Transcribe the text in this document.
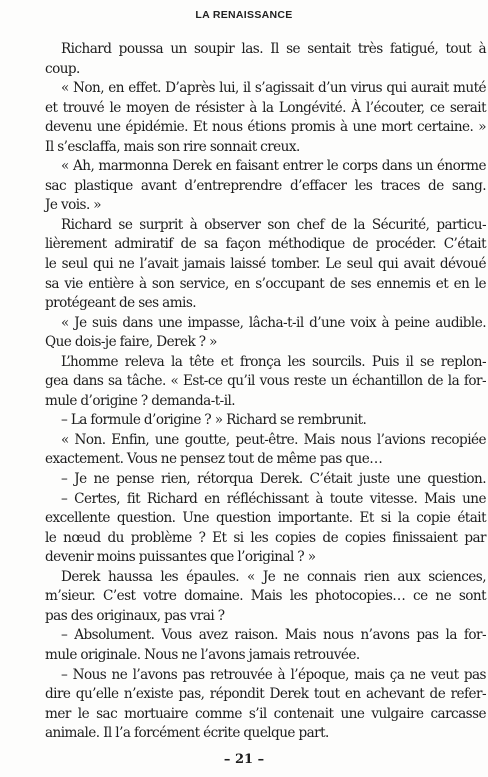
LA RENAISSANCE
Richard poussa un soupir las. Il se sentait très fatigué, tout à
coup.
« Non, en effet. D’après lui, il s’agissait d’un virus qui aurait muté
et trouvé le moyen de résister à la Longévité. À l’écouter, ce serait
devenu une épidémie. Et nous étions promis à une mort certaine. »
Il s’esclaffa, mais son rire sonnait creux.
« Ah, marmonna Derek en faisant entrer le corps dans un énorme
sac plastique avant d’entreprendre d’effacer les traces de sang.
Je vois. »
Richard se surprit à observer son chef de la Sécurité, particu-
lièrement admiratif de sa façon méthodique de procéder. C’était
le seul qui ne l’avait jamais laissé tomber. Le seul qui avait dévoué
sa vie entière à son service, en s’occupant de ses ennemis et en le
protégeant de ses amis.
« Je suis dans une impasse, lâcha-t-il d’une voix à peine audible.
Que dois-je faire, Derek ? »
L’homme releva la tête et fronça les sourcils. Puis il se replon-
gea dans sa tâche. « Est-ce qu’il vous reste un échantillon de la for-
mule d’origine ? demanda-t-il.
– La formule d’origine ? » Richard se rembrunit.
« Non. Enfin, une goutte, peut-être. Mais nous l’avions recopiée
exactement. Vous ne pensez tout de même pas que…
– Je ne pense rien, rétorqua Derek. C’était juste une question.
– Certes, fit Richard en réfléchissant à toute vitesse. Mais une
excellente question. Une question importante. Et si la copie était
le nœud du problème ? Et si les copies de copies finissaient par
devenir moins puissantes que l’original ? »
Derek haussa les épaules. « Je ne connais rien aux sciences,
m’sieur. C’est votre domaine. Mais les photocopies… ce ne sont
pas des originaux, pas vrai ?
– Absolument. Vous avez raison. Mais nous n’avons pas la for-
mule originale. Nous ne l’avons jamais retrouvée.
– Nous ne l’avons pas retrouvée à l’époque, mais ça ne veut pas
dire qu’elle n’existe pas, répondit Derek tout en achevant de refer-
mer le sac mortuaire comme s’il contenait une vulgaire carcasse
animale. Il l’a forcément écrite quelque part.
– 21 –
